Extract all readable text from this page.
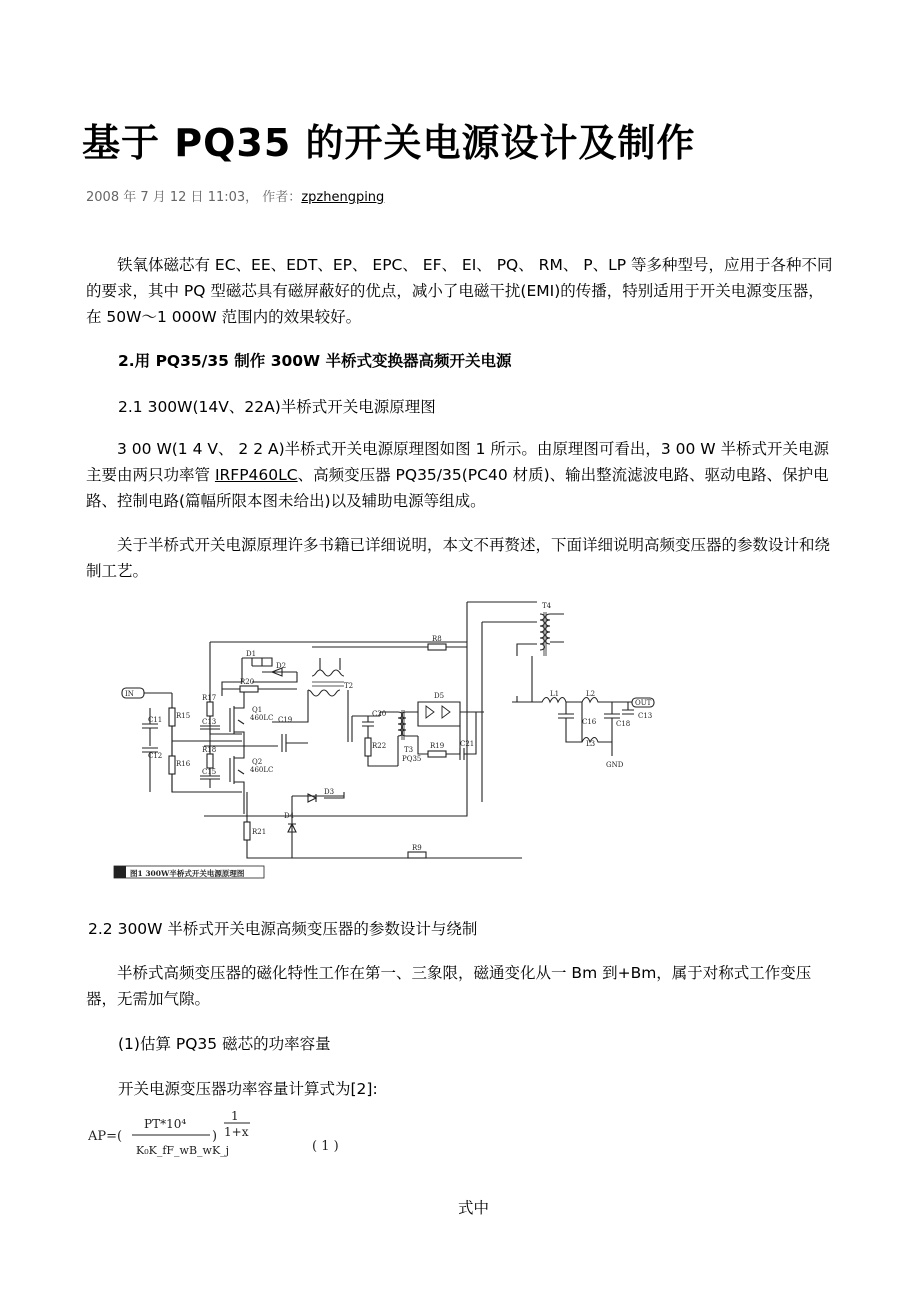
基于 PQ35 的开关电源设计及制作
2008 年 7 月 12 日 11:03， 作者：zpzhengping
铁氧体磁芯有 EC、EE、EDT、EP、 EPC、 EF、 EI、 PQ、 RM、 P、LP 等多种型号，应用于各种不同的要求，其中 PQ 型磁芯具有磁屏蔽好的优点，减小了电磁干扰(EMI)的传播，特别适用于开关电源变压器，在 50W～1 000W 范围内的效果较好。
2.用 PQ35/35 制作 300W 半桥式变换器高频开关电源
2.1 300W(14V、22A)半桥式开关电源原理图
3 00 W(1 4 V、 2 2 A)半桥式开关电源原理图如图 1 所示。由原理图可看出，3 00 W 半桥式开关电源主要由两只功率管 IRFP460LC、高频变压器 PQ35/35(PC40 材质)、输出整流滤波电路、驱动电路、保护电路、控制电路(篇幅所限本图未给出)以及辅助电源等组成。
关于半桥式开关电源原理许多书籍已详细说明，本文不再赘述，下面详细说明高频变压器的参数设计和绕制工艺。
IN
OUT
GND
T4
T2
T3
PQ35
D1
D2
D3
D4
D5
R8
R9
R15
R16
R17
R18	R19
R20
R21
R22
C11
C12
C13
C15
C16	C18
C19
C20
C21
C13
Q1
460LC
Q2
460LC
L1	L2
L3
图1 300W半桥式开关电源原理图
2.2 300W 半桥式开关电源高频变压器的参数设计与绕制
半桥式高频变压器的磁化特性工作在第一、三象限，磁通变化从一 Bm 到+Bm，属于对称式工作变压器，无需加气隙。
(1)估算 PQ35 磁芯的功率容量
开关电源变压器功率容量计算式为[2]:
AP=(
PT*10⁴
K₀K_fF_wB_wK_j
)
1
1+x
( 1 )
式中
